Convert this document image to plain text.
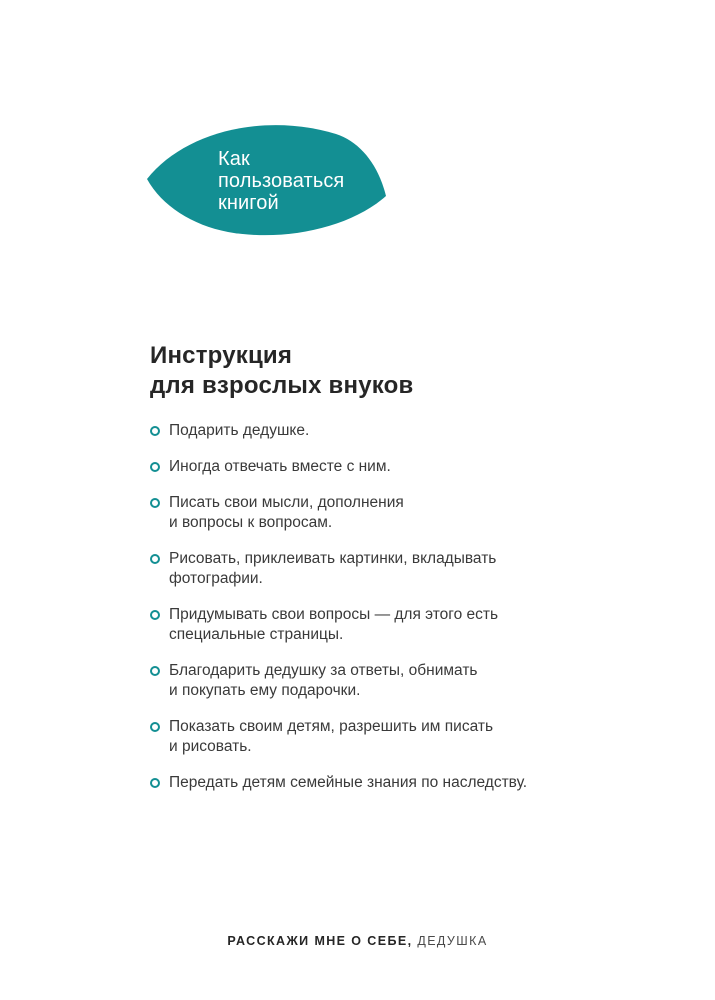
Как
пользоваться
книгой
Инструкция
для взрослых внуков
Подарить дедушке.
Иногда отвечать вместе с ним.
Писать свои мысли, дополнения
и вопросы к вопросам.
Рисовать, приклеивать картинки, вкладывать
фотографии.
Придумывать свои вопросы — для этого есть
специальные страницы.
Благодарить дедушку за ответы, обнимать
и покупать ему подарочки.
Показать своим детям, разрешить им писать
и рисовать.
Передать детям семейные знания по наследству.
РАССКАЖИ МНЕ О СЕБЕ, ДЕДУШКА
